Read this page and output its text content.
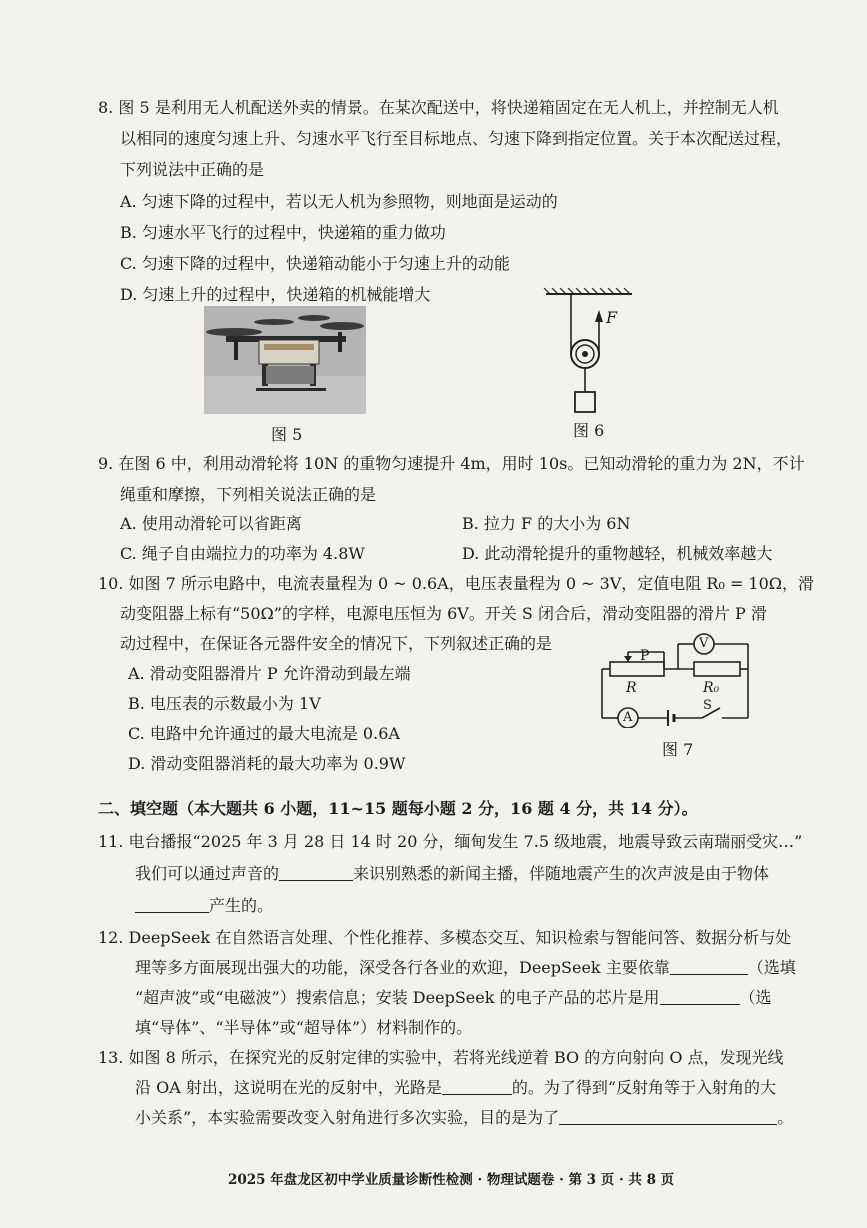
8. 图 5 是利用无人机配送外卖的情景。在某次配送中，将快递箱固定在无人机上，并控制无人机
以相同的速度匀速上升、匀速水平飞行至目标地点、匀速下降到指定位置。关于本次配送过程，
下列说法中正确的是
A. 匀速下降的过程中，若以无人机为参照物，则地面是运动的
B. 匀速水平飞行的过程中，快递箱的重力做功
C. 匀速下降的过程中，快递箱动能小于匀速上升的动能
D. 匀速上升的过程中，快递箱的机械能增大
图 5
F
图 6
9. 在图 6 中，利用动滑轮将 10N 的重物匀速提升 4m，用时 10s。已知动滑轮的重力为 2N，不计
绳重和摩擦，下列相关说法正确的是
A. 使用动滑轮可以省距离	B. 拉力 F 的大小为 6N
C. 绳子自由端拉力的功率为 4.8W	D. 此动滑轮提升的重物越轻，机械效率越大
10. 如图 7 所示电路中，电流表量程为 0 ~ 0.6A，电压表量程为 0 ~ 3V，定值电阻 R₀ = 10Ω，滑
动变阻器上标有“50Ω”的字样，电源电压恒为 6V。开关 S 闭合后，滑动变阻器的滑片 P 滑
动过程中，在保证各元器件安全的情况下，下列叙述正确的是
A. 滑动变阻器滑片 P 允许滑动到最左端
B. 电压表的示数最小为 1V
C. 电路中允许通过的最大电流是 0.6A
D. 滑动变阻器消耗的最大功率为 0.9W
P
R	R₀
V
A
S
图 7
二、填空题（本大题共 6 小题，11~15 题每小题 2 分，16 题 4 分，共 14 分）。
11. 电台播报“2025 年 3 月 28 日 14 时 20 分，缅甸发生 7.5 级地震，地震导致云南瑞丽受灾…”
我们可以通过声音的	来识别熟悉的新闻主播，伴随地震产生的次声波是由于物体
产生的。
12. DeepSeek 在自然语言处理、个性化推荐、多模态交互、知识检索与智能问答、数据分析与处
理等多方面展现出强大的功能，深受各行各业的欢迎，DeepSeek 主要依靠	（选填
“超声波”或“电磁波”）搜索信息；安装 DeepSeek 的电子产品的芯片是用	（选
填“导体”、“半导体”或“超导体”）材料制作的。
13. 如图 8 所示，在探究光的反射定律的实验中，若将光线逆着 BO 的方向射向 O 点，发现光线
沿 OA 射出，这说明在光的反射中，光路是	的。为了得到“反射角等于入射角的大
小关系”，本实验需要改变入射角进行多次实验，目的是为了	。
2025 年盘龙区初中学业质量诊断性检测 · 物理试题卷 · 第 3 页 · 共 8 页
